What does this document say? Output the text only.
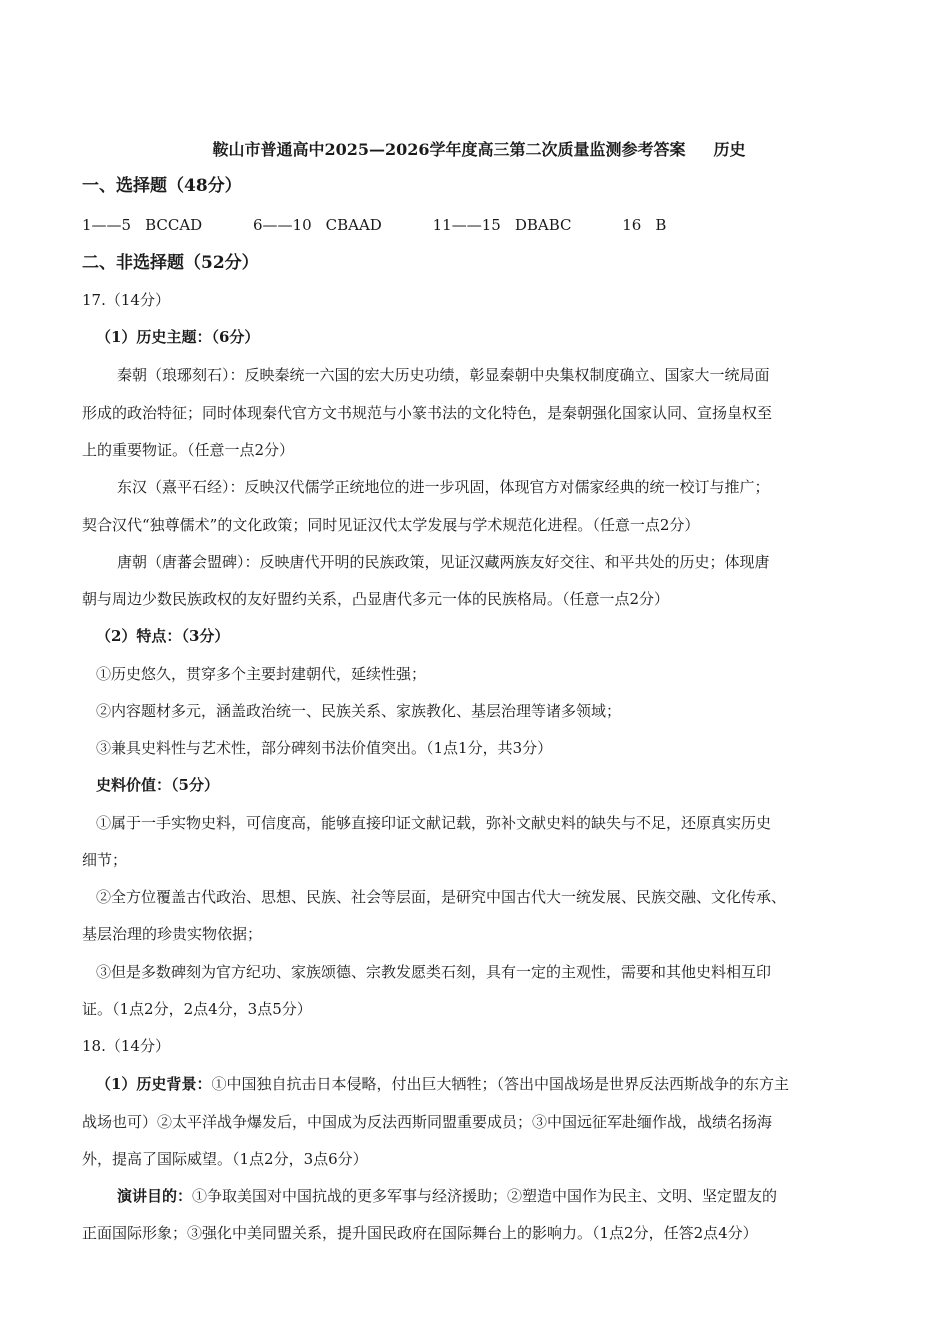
鞍山市普通高中2025—2026学年度高三第二次质量监测参考答案 历史
一、选择题（48分）
1——5 BCCAD	6——10 CBAAD	11——15 DBABC	16 B
二、非选择题（52分）
17.（14分）
（1）历史主题：（6分）
秦朝（琅琊刻石）：反映秦统一六国的宏大历史功绩，彰显秦朝中央集权制度确立、国家大一统局面
形成的政治特征；同时体现秦代官方文书规范与小篆书法的文化特色，是秦朝强化国家认同、宣扬皇权至
上的重要物证。（任意一点2分）
东汉（熹平石经）：反映汉代儒学正统地位的进一步巩固，体现官方对儒家经典的统一校订与推广；
契合汉代“独尊儒术”的文化政策；同时见证汉代太学发展与学术规范化进程。（任意一点2分）
唐朝（唐蕃会盟碑）：反映唐代开明的民族政策，见证汉藏两族友好交往、和平共处的历史；体现唐
朝与周边少数民族政权的友好盟约关系，凸显唐代多元一体的民族格局。（任意一点2分）
（2）特点：（3分）
①历史悠久，贯穿多个主要封建朝代，延续性强；
②内容题材多元，涵盖政治统一、民族关系、家族教化、基层治理等诸多领域；
③兼具史料性与艺术性，部分碑刻书法价值突出。（1点1分，共3分）
史料价值：（5分）
①属于一手实物史料，可信度高，能够直接印证文献记载，弥补文献史料的缺失与不足，还原真实历史
细节；
②全方位覆盖古代政治、思想、民族、社会等层面，是研究中国古代大一统发展、民族交融、文化传承、
基层治理的珍贵实物依据；
③但是多数碑刻为官方纪功、家族颂德、宗教发愿类石刻，具有一定的主观性，需要和其他史料相互印
证。（1点2分，2点4分，3点5分）
18.（14分）
（1）历史背景：①中国独自抗击日本侵略，付出巨大牺牲；（答出中国战场是世界反法西斯战争的东方主
战场也可）②太平洋战争爆发后，中国成为反法西斯同盟重要成员；③中国远征军赴缅作战，战绩名扬海
外，提高了国际威望。（1点2分，3点6分）
演讲目的：①争取美国对中国抗战的更多军事与经济援助；②塑造中国作为民主、文明、坚定盟友的
正面国际形象；③强化中美同盟关系，提升国民政府在国际舞台上的影响力。（1点2分，任答2点4分）
